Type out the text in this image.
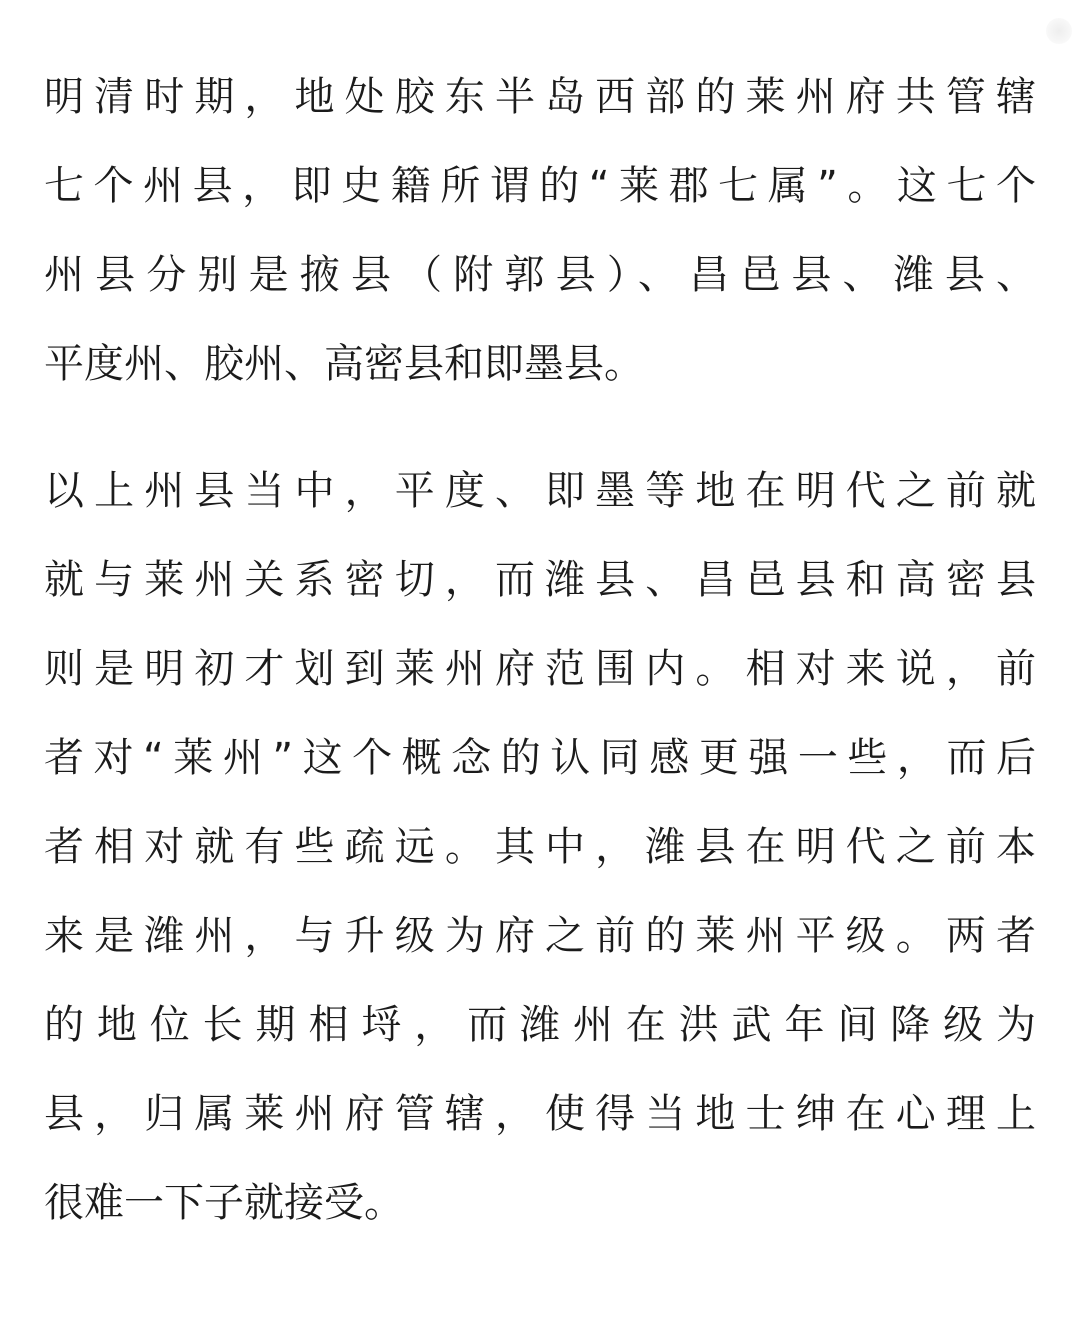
明清时期，地处胶东半岛西部的莱州府共管辖
七个州县，即史籍所谓的“莱郡七属”。这七个
州县分别是掖县（附郭县）、昌邑县、潍县、
平度州、胶州、高密县和即墨县。
以上州县当中，平度、即墨等地在明代之前就
就与莱州关系密切，而潍县、昌邑县和高密县
则是明初才划到莱州府范围内。相对来说，前
者对“莱州”这个概念的认同感更强一些，而后
者相对就有些疏远。其中，潍县在明代之前本
来是潍州，与升级为府之前的莱州平级。两者
的地位长期相埒，而潍州在洪武年间降级为
县，归属莱州府管辖，使得当地士绅在心理上
很难一下子就接受。
